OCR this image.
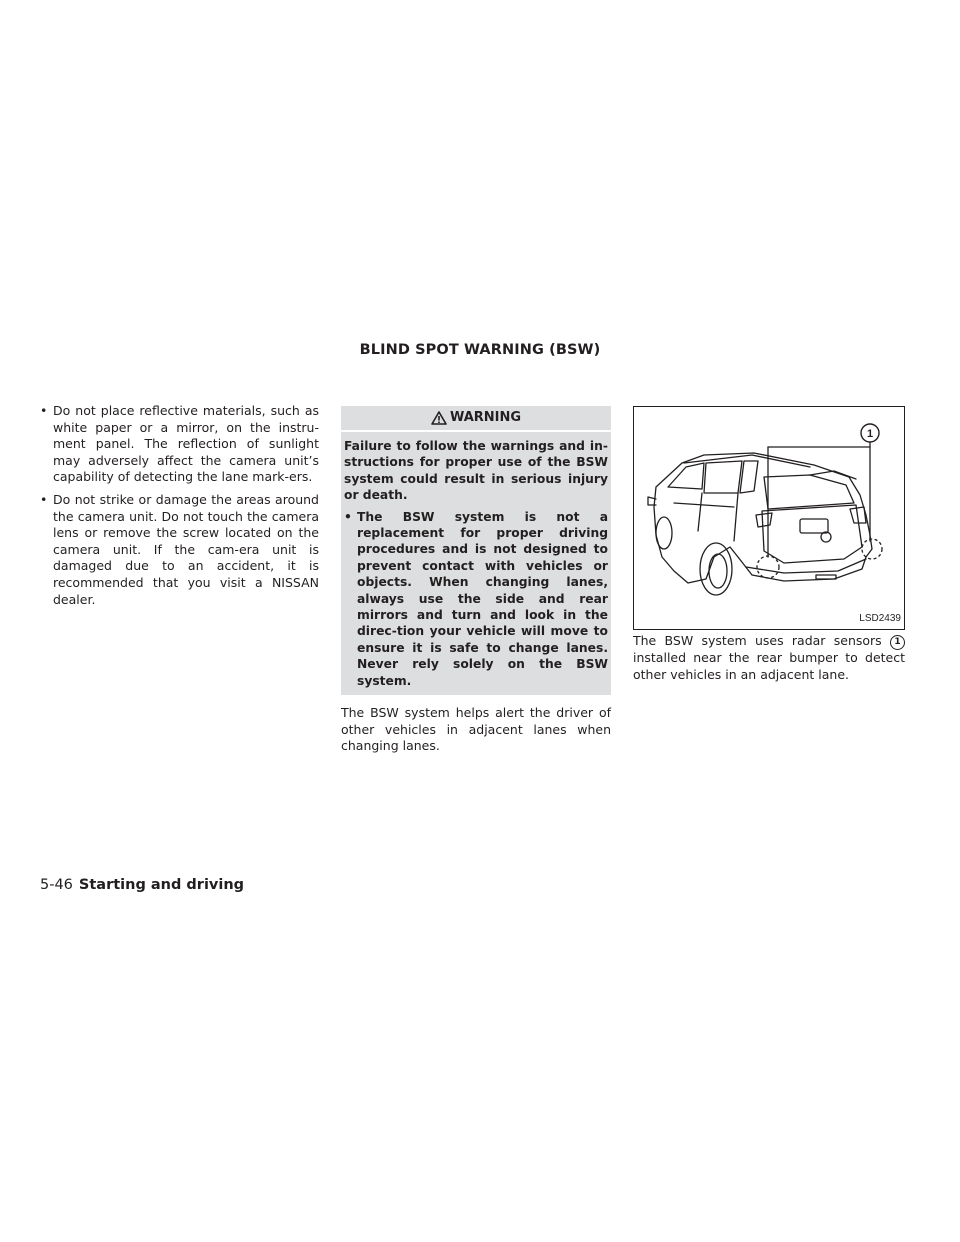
BLIND SPOT WARNING (BSW)
• Do not place reflective materials, such as white paper or a mirror, on the instru-ment panel. The reflection of sunlight may adversely affect the camera unit’s capability of detecting the lane mark-ers.
• Do not strike or damage the areas around the camera unit. Do not touch the camera lens or remove the screw located on the camera unit. If the cam-era unit is damaged due to an accident, it is recommended that you visit a NISSAN dealer.
WARNING

Failure to follow the warnings and in-structions for proper use of the BSW system could result in serious injury or death.

• The BSW system is not a replacement for proper driving procedures and is not designed to prevent contact with vehicles or objects. When changing lanes, always use the side and rear mirrors and turn and look in the direc-tion your vehicle will move to ensure it is safe to change lanes. Never rely solely on the BSW system.

The BSW system helps alert the driver of other vehicles in adjacent lanes when changing lanes.

1
LSD2439

The BSW system uses radar sensors 1 installed near the rear bumper to detect other vehicles in an adjacent lane.

5-46 Starting and driving
